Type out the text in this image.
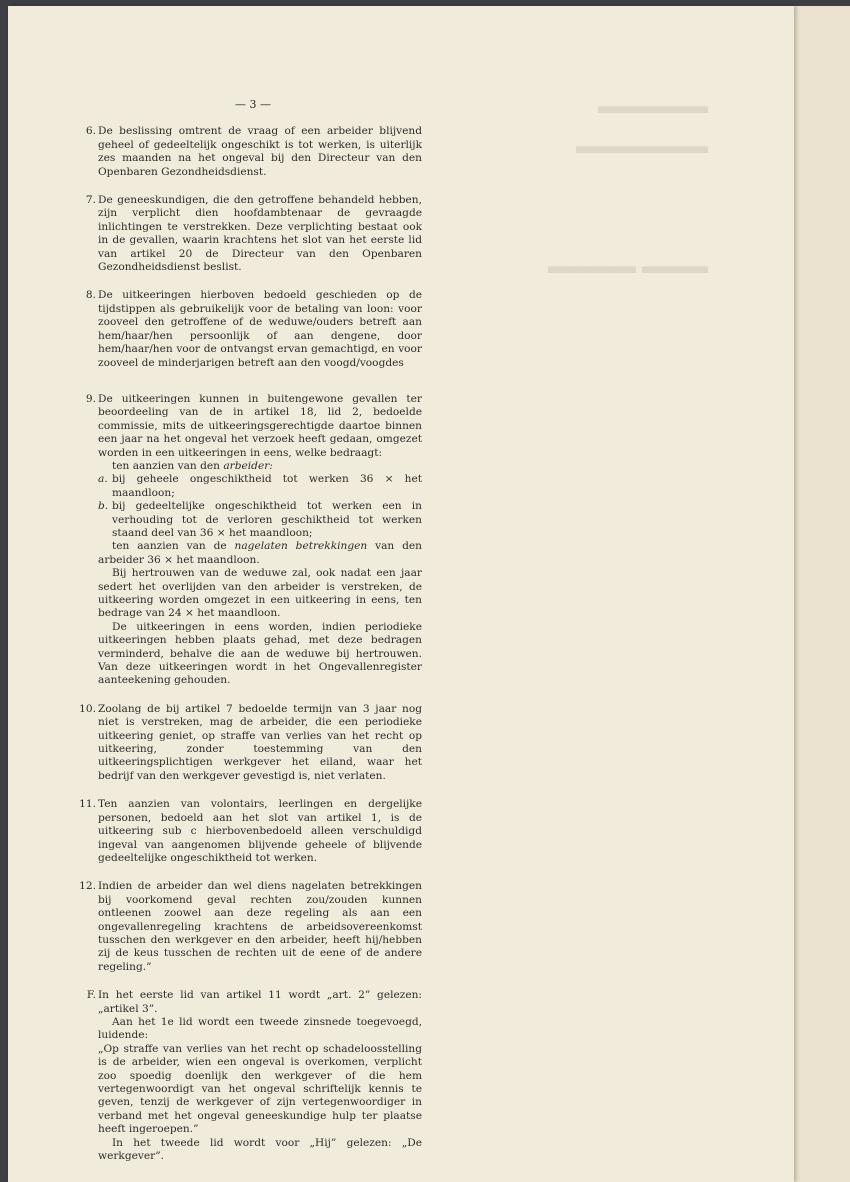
▬▬▬▬▬
▬▬▬▬▬▬

▬▬▬ ▬▬▬▬
— 3 —
6. De beslissing omtrent de vraag of een arbeider blijvend geheel of gedeeltelijk ongeschikt is tot werken, is uiterlijk zes maanden na het ongeval bij den Directeur van den Openbaren Gezondheidsdienst.

7. De geneeskundigen, die den getroffene behandeld hebben, zijn verplicht dien hoofdambtenaar de gevraagde inlichtingen te verstrekken. Deze verplichting bestaat ook in de gevallen, waarin krachtens het slot van het eerste lid van artikel 20 de Directeur van den Openbaren Gezondheidsdienst beslist.

8. De uitkeeringen hierboven bedoeld geschieden op de tijdstippen als gebruikelijk voor de betaling van loon: voor zooveel den getroffene of de weduwe/ouders betreft aan hem/haar/hen persoonlijk of aan dengene, door hem/haar/hen voor de ontvangst ervan gemachtigd, en voor zooveel de minderjarigen betreft aan den voogd/voogdes

9. De uitkeeringen kunnen in buitengewone gevallen ter beoordeeling van de in artikel 18, lid 2, bedoelde commissie, mits de uitkeeringsgerechtigde daartoe binnen een jaar na het ongeval het verzoek heeft gedaan, omgezet worden in een uitkeeringen in eens, welke bedraagt:

ten aanzien van den arbeider:

a. bij geheele ongeschiktheid tot werken 36 × het maandloon;
b. bij gedeeltelijke ongeschiktheid tot werken een in verhouding tot de verloren geschiktheid tot werken staand deel van 36 × het maandloon;

ten aanzien van de nagelaten betrekkingen van den arbeider 36 × het maandloon.

Bij hertrouwen van de weduwe zal, ook nadat een jaar sedert het overlijden van den arbeider is verstreken, de uitkeering worden omgezet in een uitkeering in eens, ten bedrage van 24 × het maandloon.

De uitkeeringen in eens worden, indien periodieke uitkeeringen hebben plaats gehad, met deze bedragen verminderd, behalve die aan de weduwe bij hertrouwen. Van deze uitkeeringen wordt in het Ongevallenregister aanteekening gehouden.

10. Zoolang de bij artikel 7 bedoelde termijn van 3 jaar nog niet is verstreken, mag de arbeider, die een periodieke uitkeering geniet, op straffe van verlies van het recht op uitkeering, zonder toestemming van den uitkeeringsplichtigen werkgever het eiland, waar het bedrijf van den werkgever gevestigd is, niet verlaten.

11. Ten aanzien van volontairs, leerlingen en dergelijke personen, bedoeld aan het slot van artikel 1, is de uitkeering sub c hierbovenbedoeld alleen verschuldigd ingeval van aangenomen blijvende geheele of blijvende gedeeltelijke ongeschiktheid tot werken.

12. Indien de arbeider dan wel diens nagelaten betrekkingen bij voorkomend geval rechten zou/zouden kunnen ontleenen zoowel aan deze regeling als aan een ongevallenregeling krachtens de arbeidsovereenkomst tusschen den werkgever en den arbeider, heeft hij/hebben zij de keus tusschen de rechten uit de eene of de andere regeling.”

F. In het eerste lid van artikel 11 wordt „art. 2” gelezen: „artikel 3”.

Aan het 1e lid wordt een tweede zinsnede toegevoegd, luidende:

„Op straffe van verlies van het recht op schadeloosstelling is de arbeider, wien een ongeval is overkomen, verplicht zoo spoedig doenlijk den werkgever of die hem vertegenwoordigt van het ongeval schriftelijk kennis te geven, tenzij de werkgever of zijn vertegenwoordiger in verband met het ongeval geneeskundige hulp ter plaatse heeft ingeroepen.”

In het tweede lid wordt voor „Hij” gelezen: „De werkgever”.
